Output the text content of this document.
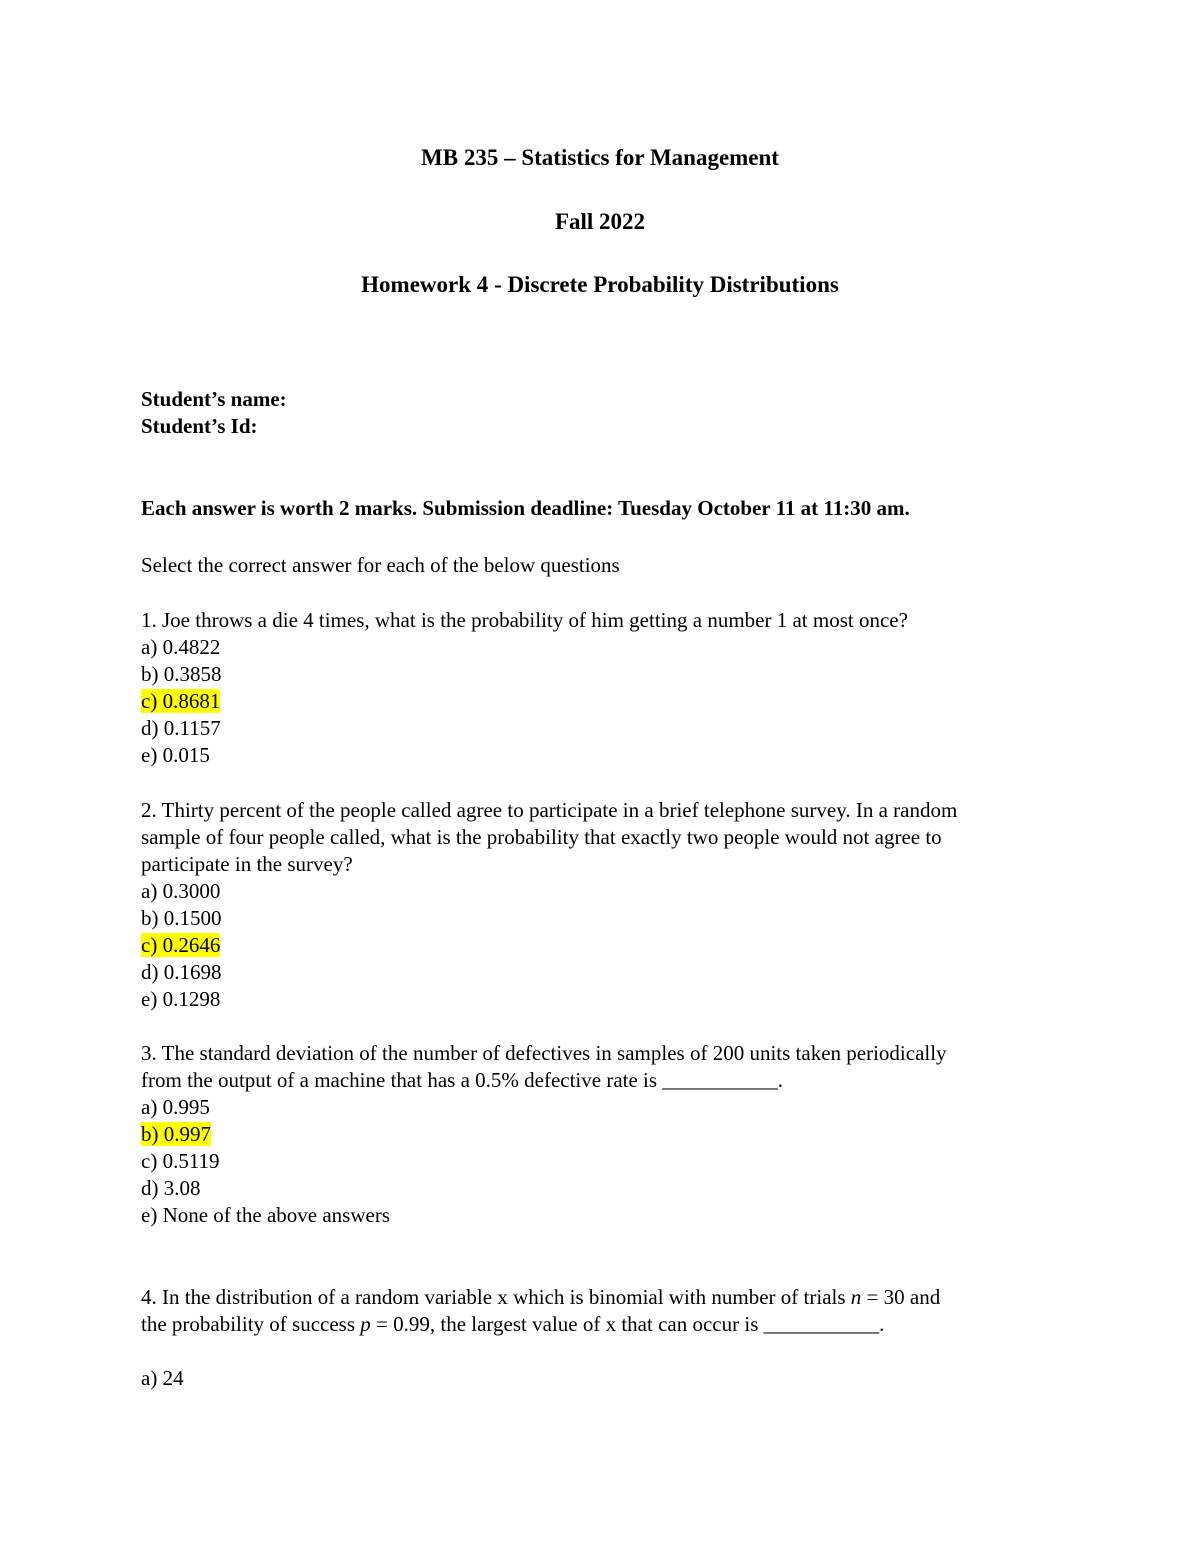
MB 235 – Statistics for Management
Fall 2022
Homework 4 - Discrete Probability Distributions
Student’s name:
Student’s Id:
Each answer is worth 2 marks. Submission deadline: Tuesday October 11 at 11:30 am.
Select the correct answer for each of the below questions
1. Joe throws a die 4 times, what is the probability of him getting a number 1 at most once?
a) 0.4822
b) 0.3858
c) 0.8681
d) 0.1157
e) 0.015
2. Thirty percent of the people called agree to participate in a brief telephone survey. In a random
sample of four people called, what is the probability that exactly two people would not agree to
participate in the survey?
a) 0.3000
b) 0.1500
c) 0.2646
d) 0.1698
e) 0.1298
3. The standard deviation of the number of defectives in samples of 200 units taken periodically
from the output of a machine that has a 0.5% defective rate is ___________.
a) 0.995
b) 0.997
c) 0.5119
d) 3.08
e) None of the above answers
4. In the distribution of a random variable x which is binomial with number of trials n = 30 and
the probability of success p = 0.99, the largest value of x that can occur is ___________.
a) 24
